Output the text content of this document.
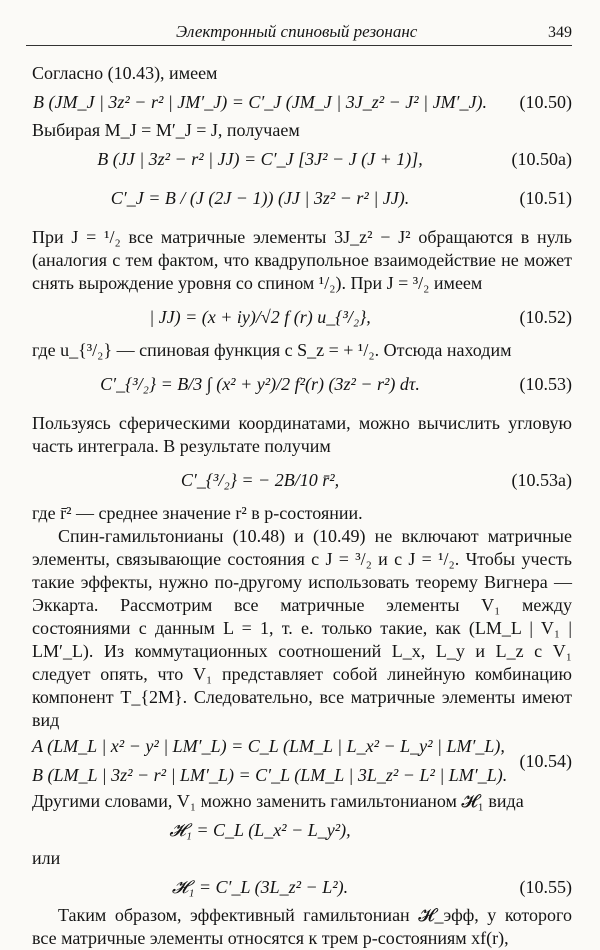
Электронный спиновый резонанс	349

Согласно (10.43), имеем

B (JM_J | 3z² − r² | JM′_J) = C′_J (JM_J | 3J_z² − J² | JM′_J). (10.50)

Выбирая M_J = M′_J = J, получаем

B (JJ | 3z² − r² | JJ) = C′_J [3J² − J (J + 1)],	(10.50a)
C′_J = B / (J (2J − 1)) (JJ | 3z² − r² | JJ).	(10.51)

При J = ¹/₂ все матричные элементы 3J_z² − J² обращаются в нуль (аналогия с тем фактом, что квадрупольное взаимодействие не может снять вырождение уровня со спином ¹/₂). При J = ³/₂ имеем

| JJ) = (x + iy)/√2 f (r) u_{³/₂},	(10.52)

где u_{³/₂} — спиновая функция с S_z = + ¹/₂. Отсюда находим

C′_{³/₂} = B/3 ∫ (x² + y²)/2 f²(r) (3z² − r²) dτ.	(10.53)

Пользуясь сферическими координатами, можно вычислить угловую часть интеграла. В результате получим

C′_{³/₂} = − 2B/10 r̄²,	(10.53a)

где r̄² — среднее значение r² в p-состоянии.

Спин-гамильтонианы (10.48) и (10.49) не включают матричные элементы, связывающие состояния с J = ³/₂ и с J = ¹/₂. Чтобы учесть такие эффекты, нужно по-другому использовать теорему Вигнера — Эккарта. Рассмотрим все матричные элементы V₁ между состояниями с данным L = 1, т. е. только такие, как (LM_L | V₁ | LM′_L). Из коммутационных соотношений L_x, L_y и L_z с V₁ следует опять, что V₁ представляет собой линейную комбинацию компонент T_{2M}. Следовательно, все матричные элементы имеют вид

A (LM_L | x² − y² | LM′_L) = C_L (LM_L | L_x² − L_y² | LM′_L),
B (LM_L | 3z² − r² | LM′_L) = C′_L (LM_L | 3L_z² − L² | LM′_L).
(10.54)

Другими словами, V₁ можно заменить гамильтонианом 𝓗₁ вида

𝓗₁ = C_L (L_x² − L_y²),

или

𝓗₁ = C′_L (3L_z² − L²).	(10.55)

Таким образом, эффективный гамильтониан 𝓗_эфф, у которого все матричные элементы относятся к трем p-состояниям xf(r),
